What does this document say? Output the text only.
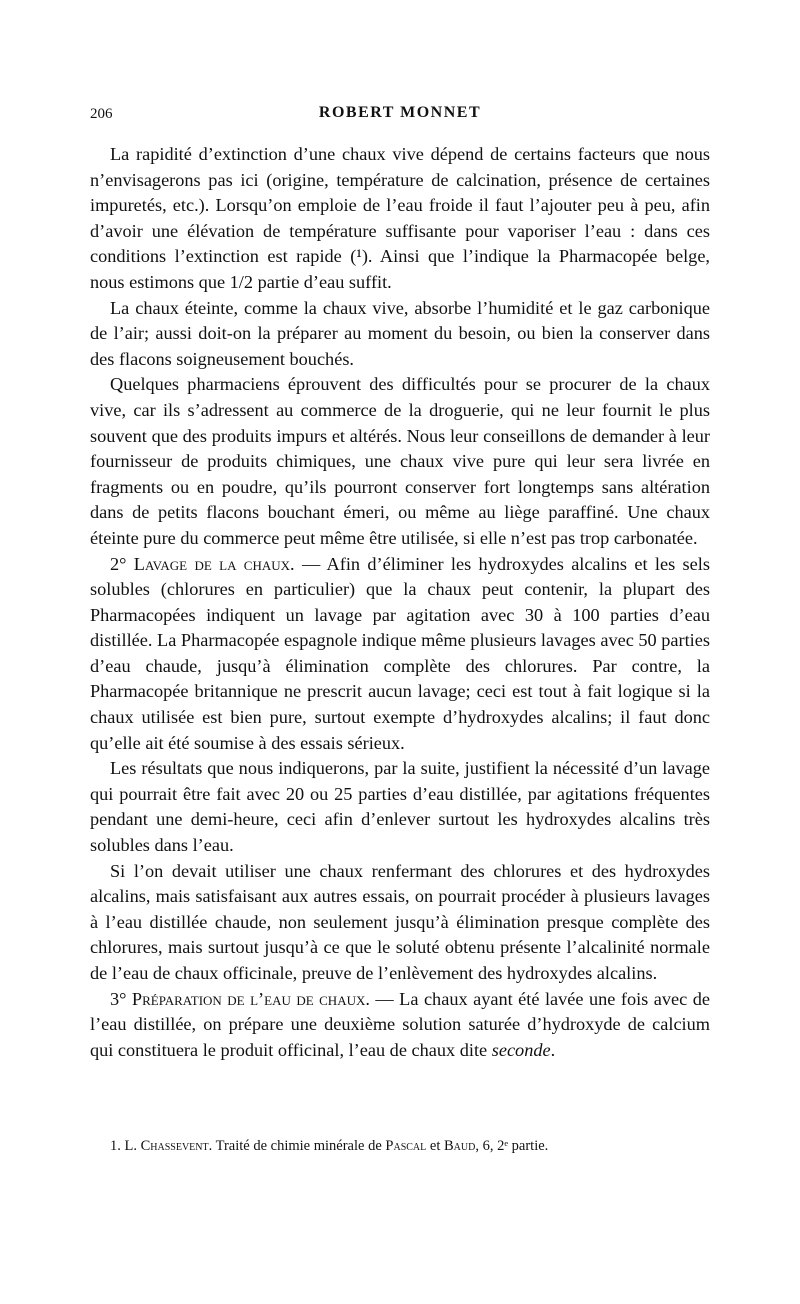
206	ROBERT MONNET

La rapidité d’extinction d’une chaux vive dépend de certains facteurs que nous n’envisagerons pas ici (origine, température de calcination, présence de certaines impuretés, etc.). Lorsqu’on emploie de l’eau froide il faut l’ajouter peu à peu, afin d’avoir une élévation de température suffisante pour vaporiser l’eau : dans ces conditions l’extinction est rapide (¹). Ainsi que l’indique la Pharmacopée belge, nous estimons que 1/2 partie d’eau suffit.

La chaux éteinte, comme la chaux vive, absorbe l’humidité et le gaz carbonique de l’air; aussi doit-on la préparer au moment du besoin, ou bien la conserver dans des flacons soigneusement bouchés.

Quelques pharmaciens éprouvent des difficultés pour se procurer de la chaux vive, car ils s’adressent au commerce de la droguerie, qui ne leur fournit le plus souvent que des produits impurs et altérés. Nous leur conseillons de demander à leur fournisseur de produits chimiques, une chaux vive pure qui leur sera livrée en fragments ou en poudre, qu’ils pourront conserver fort longtemps sans altération dans de petits flacons bouchant émeri, ou même au liège paraffiné. Une chaux éteinte pure du commerce peut même être utilisée, si elle n’est pas trop carbonatée.

2° Lavage de la chaux. — Afin d’éliminer les hydroxydes alcalins et les sels solubles (chlorures en particulier) que la chaux peut contenir, la plupart des Pharmacopées indiquent un lavage par agitation avec 30 à 100 parties d’eau distillée. La Pharmacopée espagnole indique même plusieurs lavages avec 50 parties d’eau chaude, jusqu’à élimination complète des chlorures. Par contre, la Pharmacopée britannique ne prescrit aucun lavage; ceci est tout à fait logique si la chaux utilisée est bien pure, surtout exempte d’hydroxydes alcalins; il faut donc qu’elle ait été soumise à des essais sérieux.

Les résultats que nous indiquerons, par la suite, justifient la nécessité d’un lavage qui pourrait être fait avec 20 ou 25 parties d’eau distillée, par agitations fréquentes pendant une demi-heure, ceci afin d’enlever surtout les hydroxydes alcalins très solubles dans l’eau.

Si l’on devait utiliser une chaux renfermant des chlorures et des hydroxydes alcalins, mais satisfaisant aux autres essais, on pourrait procéder à plusieurs lavages à l’eau distillée chaude, non seulement jusqu’à élimination presque complète des chlorures, mais surtout jusqu’à ce que le soluté obtenu présente l’alcalinité normale de l’eau de chaux officinale, preuve de l’enlèvement des hydroxydes alcalins.

3° Préparation de l’eau de chaux. — La chaux ayant été lavée une fois avec de l’eau distillée, on prépare une deuxième solution saturée d’hydroxyde de calcium qui constituera le produit officinal, l’eau de chaux dite seconde.

1. L. Chassevent. Traité de chimie minérale de Pascal et Baud, 6, 2ᵉ partie.
